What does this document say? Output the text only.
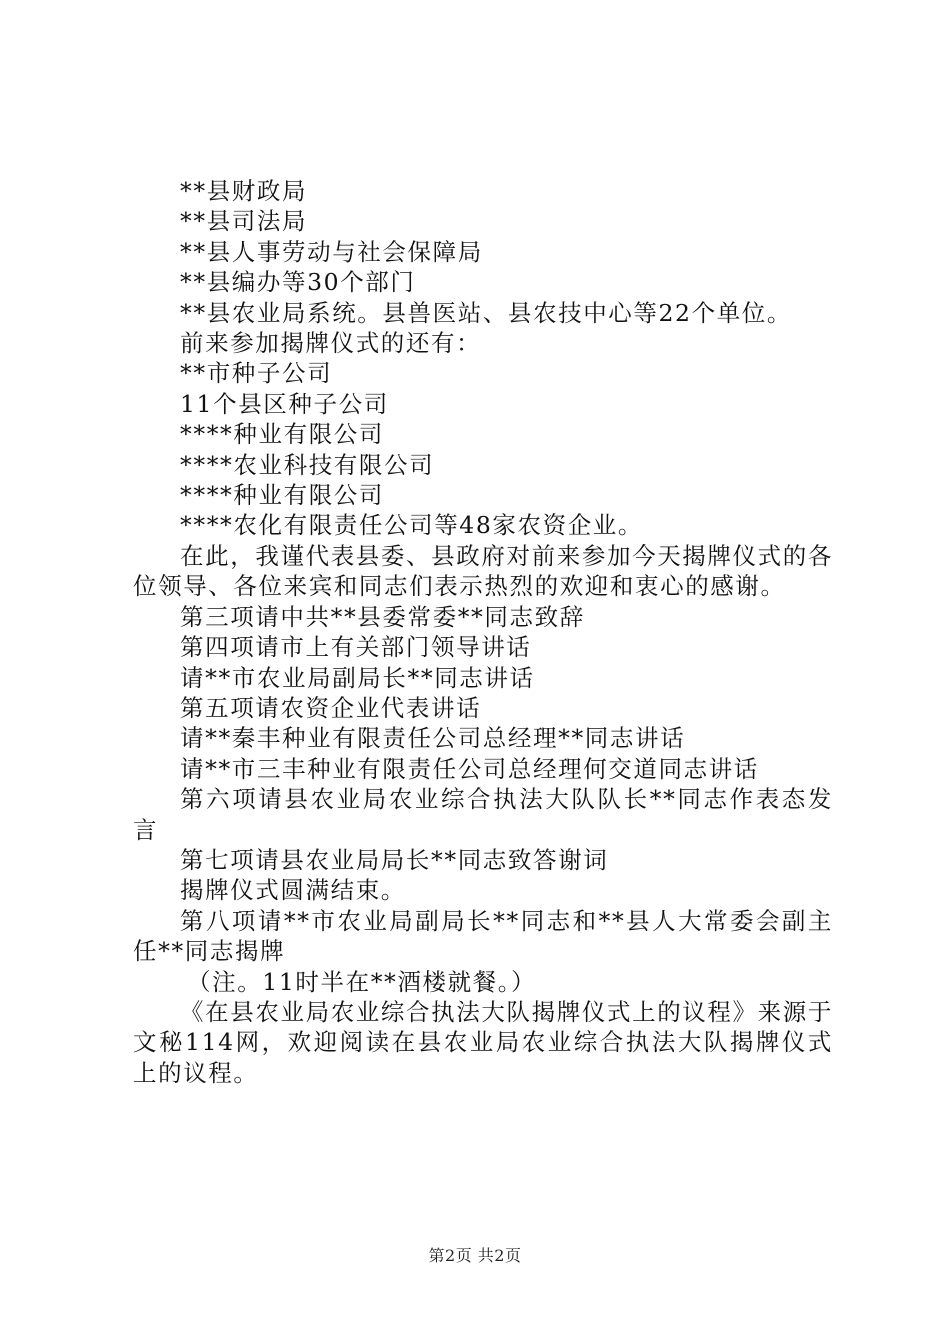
**县财政局
**县司法局
**县人事劳动与社会保障局
**县编办等30个部门
**县农业局系统。县兽医站、县农技中心等22个单位。
前来参加揭牌仪式的还有：
**市种子公司
11个县区种子公司
****种业有限公司
****农业科技有限公司
****种业有限公司
****农化有限责任公司等48家农资企业。

在此，我谨代表县委、县政府对前来参加今天揭牌仪式的各位领导、各位来宾和同志们表示热烈的欢迎和衷心的感谢。

第三项请中共**县委常委**同志致辞
第四项请市上有关部门领导讲话
请**市农业局副局长**同志讲话
第五项请农资企业代表讲话
请**秦丰种业有限责任公司总经理**同志讲话
请**市三丰种业有限责任公司总经理何交道同志讲话

第六项请县农业局农业综合执法大队队长**同志作表态发言

第七项请县农业局局长**同志致答谢词
揭牌仪式圆满结束。

第八项请**市农业局副局长**同志和**县人大常委会副主任**同志揭牌

（注。11时半在**酒楼就餐。）

《在县农业局农业综合执法大队揭牌仪式上的议程》来源于文秘114网，欢迎阅读在县农业局农业综合执法大队揭牌仪式上的议程。

第2页 共2页
